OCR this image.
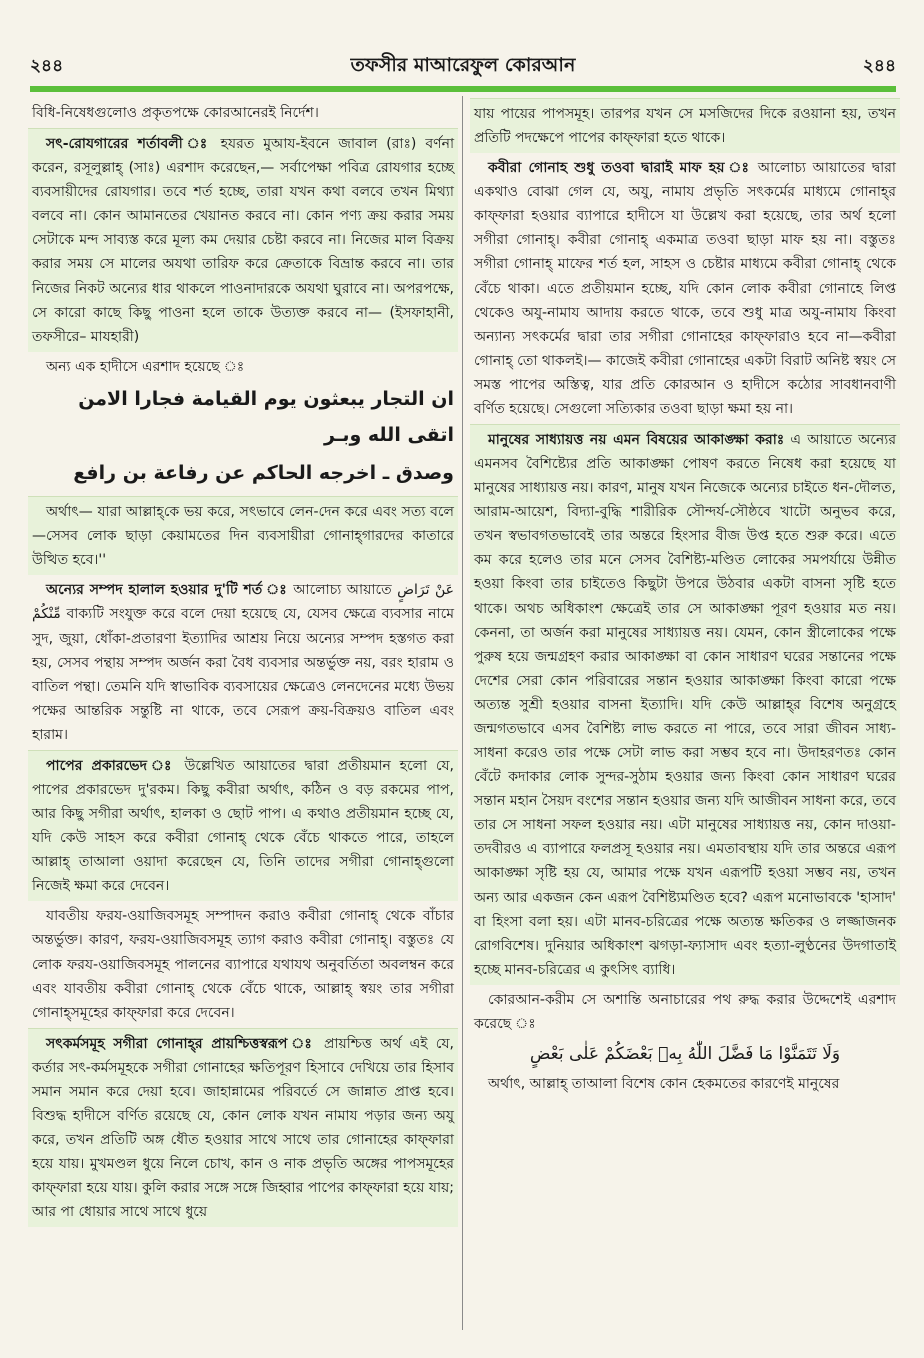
২৪৪	তফসীর মাআরেফুল কোরআন	২৪৪

বিধি-নিষেধগুলোও প্রকৃতপক্ষে কোরআনেরই নির্দেশ।

সৎ-রোযগারের শর্তাবলী ঃ হযরত মুআয-ইবনে জাবাল (রাঃ) বর্ণনা করেন, রসূলুল্লাহ্ (সাঃ) এরশাদ করেছেন,— সর্বাপেক্ষা পবিত্র রোযগার হচ্ছে ব্যবসায়ীদের রোযগার। তবে শর্ত হচ্ছে, তারা যখন কথা বলবে তখন মিথ্যা বলবে না। কোন আমানতের খেয়ানত করবে না। কোন পণ্য ক্রয় করার সময় সেটাকে মন্দ সাব্যস্ত করে মূল্য কম দেয়ার চেষ্টা করবে না। নিজের মাল বিক্রয় করার সময় সে মালের অযথা তারিফ করে ক্রেতাকে বিভ্রান্ত করবে না। তার নিজের নিকট অন্যের ধার থাকলে পাওনাদারকে অযথা ঘুরাবে না। অপরপক্ষে, সে কারো কাছে কিছু পাওনা হলে তাকে উত্যক্ত করবে না— (ইসফাহানী, তফসীরে– মাযহারী)

অন্য এক হাদীসে এরশাদ হয়েছে ঃ

ان التجار يبعثون يوم القيامة فجارا الامن اتقى الله وبـر
وصدق ـ اخرجه الحاكم عن رفاعة بن رافع

অর্থাৎ— যারা আল্লাহ্‌কে ভয় করে, সৎভাবে লেন-দেন করে এবং সত্য বলে—সেসব লোক ছাড়া কেয়ামতের দিন ব্যবসায়ীরা গোনাহ্‌গারদের কাতারে উত্থিত হবে।''

অন্যের সম্পদ হালাল হওয়ার দু'টি শর্ত ঃ আলোচ্য আয়াতে عَنْ تَرَاضٍ مِّنْكُمْ বাক্যটি সংযুক্ত করে বলে দেয়া হয়েছে যে, যেসব ক্ষেত্রে ব্যবসার নামে সুদ, জুয়া, ধোঁকা-প্রতারণা ইত্যাদির আশ্রয় নিয়ে অন্যের সম্পদ হস্তগত করা হয়, সেসব পন্থায় সম্পদ অর্জন করা বৈধ ব্যবসার অন্তর্ভুক্ত নয়, বরং হারাম ও বাতিল পন্থা। তেমনি যদি স্বাভাবিক ব্যবসায়ের ক্ষেত্রেও লেনদেনের মধ্যে উভয় পক্ষের আন্তরিক সন্তুষ্টি না থাকে, তবে সেরূপ ক্রয়-বিক্রয়ও বাতিল এবং হারাম।

পাপের প্রকারভেদ ঃ উল্লেখিত আয়াতের দ্বারা প্রতীয়মান হলো যে, পাপের প্রকারভেদ দু'রকম। কিছু কবীরা অর্থাৎ, কঠিন ও বড় রকমের পাপ, আর কিছু সগীরা অর্থাৎ, হালকা ও ছোট পাপ। এ কথাও প্রতীয়মান হচ্ছে যে, যদি কেউ সাহস করে কবীরা গোনাহ্ থেকে বেঁচে থাকতে পারে, তাহলে আল্লাহ্ তাআলা ওয়াদা করেছেন যে, তিনি তাদের সগীরা গোনাহ্‌গুলো নিজেই ক্ষমা করে দেবেন।

যাবতীয় ফরয-ওয়াজিবসমূহ সম্পাদন করাও কবীরা গোনাহ্ থেকে বাঁচার অন্তর্ভুক্ত। কারণ, ফরয-ওয়াজিবসমূহ ত্যাগ করাও কবীরা গোনাহ্। বস্তুতঃ যে লোক ফরয-ওয়াজিবসমূহ পালনের ব্যাপারে যথাযথ অনুবর্তিতা অবলম্বন করে এবং যাবতীয় কবীরা গোনাহ্ থেকে বেঁচে থাকে, আল্লাহ্ স্বয়ং তার সগীরা গোনাহ্‌সমূহের কাফ্‌ফারা করে দেবেন।

সৎকর্মসমূহ সগীরা গোনাহ্‌র প্রায়শ্চিত্তস্বরূপ ঃ প্রায়শ্চিত্ত অর্থ এই যে, কর্তার সৎ-কর্মসমূহকে সগীরা গোনাহের ক্ষতিপূরণ হিসাবে দেখিয়ে তার হিসাব সমান সমান করে দেয়া হবে। জাহান্নামের পরিবর্তে সে জান্নাত প্রাপ্ত হবে। বিশুদ্ধ হাদীসে বর্ণিত রয়েছে যে, কোন লোক যখন নামায পড়ার জন্য অযু করে, তখন প্রতিটি অঙ্গ ধৌত হওয়ার সাথে সাথে তার গোনাহের কাফ্‌ফারা হয়ে যায়। মুখমণ্ডল ধুয়ে নিলে চোখ, কান ও নাক প্রভৃতি অঙ্গের পাপসমূহের কাফ্‌ফারা হয়ে যায়। কুলি করার সঙ্গে সঙ্গে জিহ্বার পাপের কাফ্‌ফারা হয়ে যায়; আর পা ধোয়ার সাথে সাথে ধুয়ে

যায় পায়ের পাপসমূহ। তারপর যখন সে মসজিদের দিকে রওয়ানা হয়, তখন প্রতিটি পদক্ষেপে পাপের কাফ্‌ফারা হতে থাকে।

কবীরা গোনাহ শুধু তওবা দ্বারাই মাফ হয় ঃ আলোচ্য আয়াতের দ্বারা একথাও বোঝা গেল যে, অযু, নামায প্রভৃতি সৎকর্মের মাধ্যমে গোনাহ্‌র কাফ্‌ফারা হওয়ার ব্যাপারে হাদীসে যা উল্লেখ করা হয়েছে, তার অর্থ হলো সগীরা গোনাহ্। কবীরা গোনাহ্ একমাত্র তওবা ছাড়া মাফ হয় না। বস্তুতঃ সগীরা গোনাহ্ মাফের শর্ত হল, সাহস ও চেষ্টার মাধ্যমে কবীরা গোনাহ্ থেকে বেঁচে থাকা। এতে প্রতীয়মান হচ্ছে, যদি কোন লোক কবীরা গোনাহে লিপ্ত থেকেও অযু-নামায আদায় করতে থাকে, তবে শুধু মাত্র অযু-নামায কিংবা অন্যান্য সৎকর্মের দ্বারা তার সগীরা গোনাহের কাফ্‌ফারাও হবে না—কবীরা গোনাহ্ তো থাকলই।— কাজেই কবীরা গোনাহের একটা বিরাট অনিষ্ট স্বয়ং সে সমস্ত পাপের অস্তিত্ব, যার প্রতি কোরআন ও হাদীসে কঠোর সাবধানবাণী বর্ণিত হয়েছে। সেগুলো সত্যিকার তওবা ছাড়া ক্ষমা হয় না।

মানুষের সাধ্যায়ত্ত নয় এমন বিষয়ের আকাঙ্ক্ষা করাঃ এ আয়াতে অন্যের এমনসব বৈশিষ্ট্যের প্রতি আকাঙ্ক্ষা পোষণ করতে নিষেধ করা হয়েছে যা মানুষের সাধ্যায়ত্ত নয়। কারণ, মানুষ যখন নিজেকে অন্যের চাইতে ধন-দৌলত, আরাম-আয়েশ, বিদ্যা-বুদ্ধি শারীরিক সৌন্দর্য-সৌষ্ঠবে খাটো অনুভব করে, তখন স্বভাবগতভাবেই তার অন্তরে হিংসার বীজ উপ্ত হতে শুরু করে। এতে কম করে হলেও তার মনে সেসব বৈশিষ্ট্য-মণ্ডিত লোকের সমপর্যায়ে উন্নীত হওয়া কিংবা তার চাইতেও কিছুটা উপরে উঠবার একটা বাসনা সৃষ্টি হতে থাকে। অথচ অধিকাংশ ক্ষেত্রেই তার সে আকাঙ্ক্ষা পূরণ হওয়ার মত নয়। কেননা, তা অর্জন করা মানুষের সাধ্যায়ত্ত নয়। যেমন, কোন স্ত্রীলোকের পক্ষে পুরুষ হয়ে জন্মগ্রহণ করার আকাঙ্ক্ষা বা কোন সাধারণ ঘরের সন্তানের পক্ষে দেশের সেরা কোন পরিবারের সন্তান হওয়ার আকাঙ্ক্ষা কিংবা কারো পক্ষে অত্যন্ত সুশ্রী হওয়ার বাসনা ইত্যাদি। যদি কেউ আল্লাহ্‌র বিশেষ অনুগ্রহে জন্মগতভাবে এসব বৈশিষ্ট্য লাভ করতে না পারে, তবে সারা জীবন সাধ্য-সাধনা করেও তার পক্ষে সেটা লাভ করা সম্ভব হবে না। উদাহরণতঃ কোন বেঁটে কদাকার লোক সুন্দর-সুঠাম হওয়ার জন্য কিংবা কোন সাধারণ ঘরের সন্তান মহান সৈয়দ বংশের সন্তান হওয়ার জন্য যদি আজীবন সাধনা করে, তবে তার সে সাধনা সফল হওয়ার নয়। এটা মানুষের সাধ্যায়ত্ত নয়, কোন দাওয়া-তদবীরও এ ব্যাপারে ফলপ্রসূ হওয়ার নয়। এমতাবস্থায় যদি তার অন্তরে এরূপ আকাঙ্ক্ষা সৃষ্টি হয় যে, আমার পক্ষে যখন এরূপটি হওয়া সম্ভব নয়, তখন অন্য আর একজন কেন এরূপ বৈশিষ্ট্যমণ্ডিত হবে? এরূপ মনোভাবকে 'হাসাদ' বা হিংসা বলা হয়। এটা মানব-চরিত্রের পক্ষে অত্যন্ত ক্ষতিকর ও লজ্জাজনক রোগবিশেষ। দুনিয়ার অধিকাংশ ঝগড়া-ফ্যাসাদ এবং হত্যা-লুণ্ঠনের উদগাতাই হচ্ছে মানব-চরিত্রের এ কুৎসিৎ ব্যাধি।

কোরআন-করীম সে অশান্তি অনাচারের পথ রুদ্ধ করার উদ্দেশেই এরশাদ করেছে ঃ

وَلَا تَتَمَنَّوْا مَا فَضَّلَ اللّٰهُ بِهٖ بَعْضَكُمْ عَلٰى بَعْضٍ

অর্থাৎ, আল্লাহ্ তাআলা বিশেষ কোন হেকমতের কারণেই মানুষের
